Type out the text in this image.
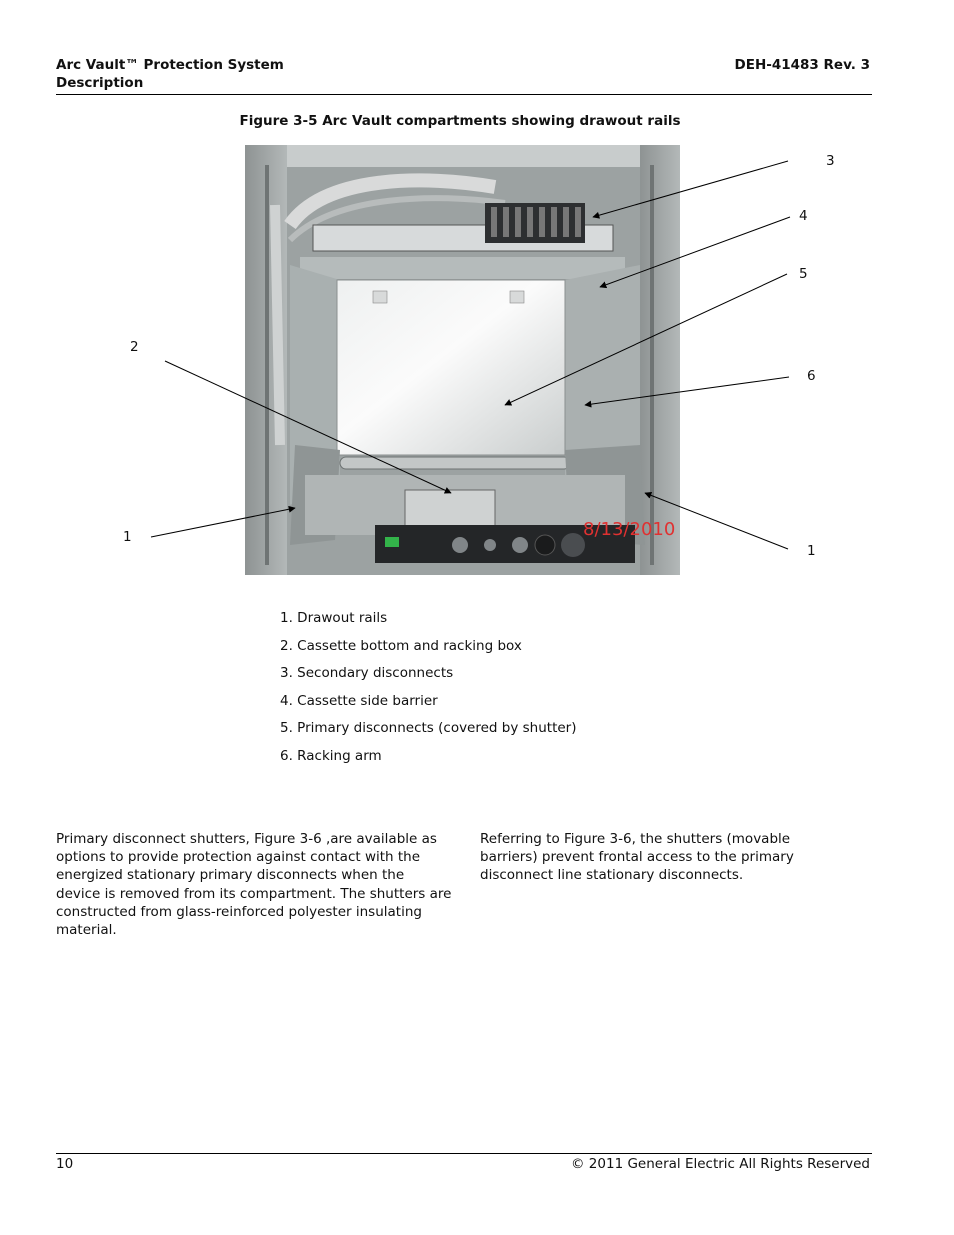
Arc Vault™ Protection System
Description
DEH-41483 Rev. 3
Figure 3-5 Arc Vault compartments showing drawout rails
8/13/2010
3
4
5
2
6
1
1
1. Drawout rails
2. Cassette bottom and racking box
3. Secondary disconnects
4. Cassette side barrier
5. Primary disconnects (covered by shutter)
6. Racking arm
Primary disconnect shutters, Figure 3-6 ,are available as options to provide protection against contact with the energized stationary primary disconnects when the device is removed from its compartment. The shutters are constructed from glass-reinforced polyester insulating material.
Referring to Figure 3-6, the shutters (movable barriers) prevent frontal access to the primary disconnect line stationary disconnects.
10	© 2011 General Electric All Rights Reserved
